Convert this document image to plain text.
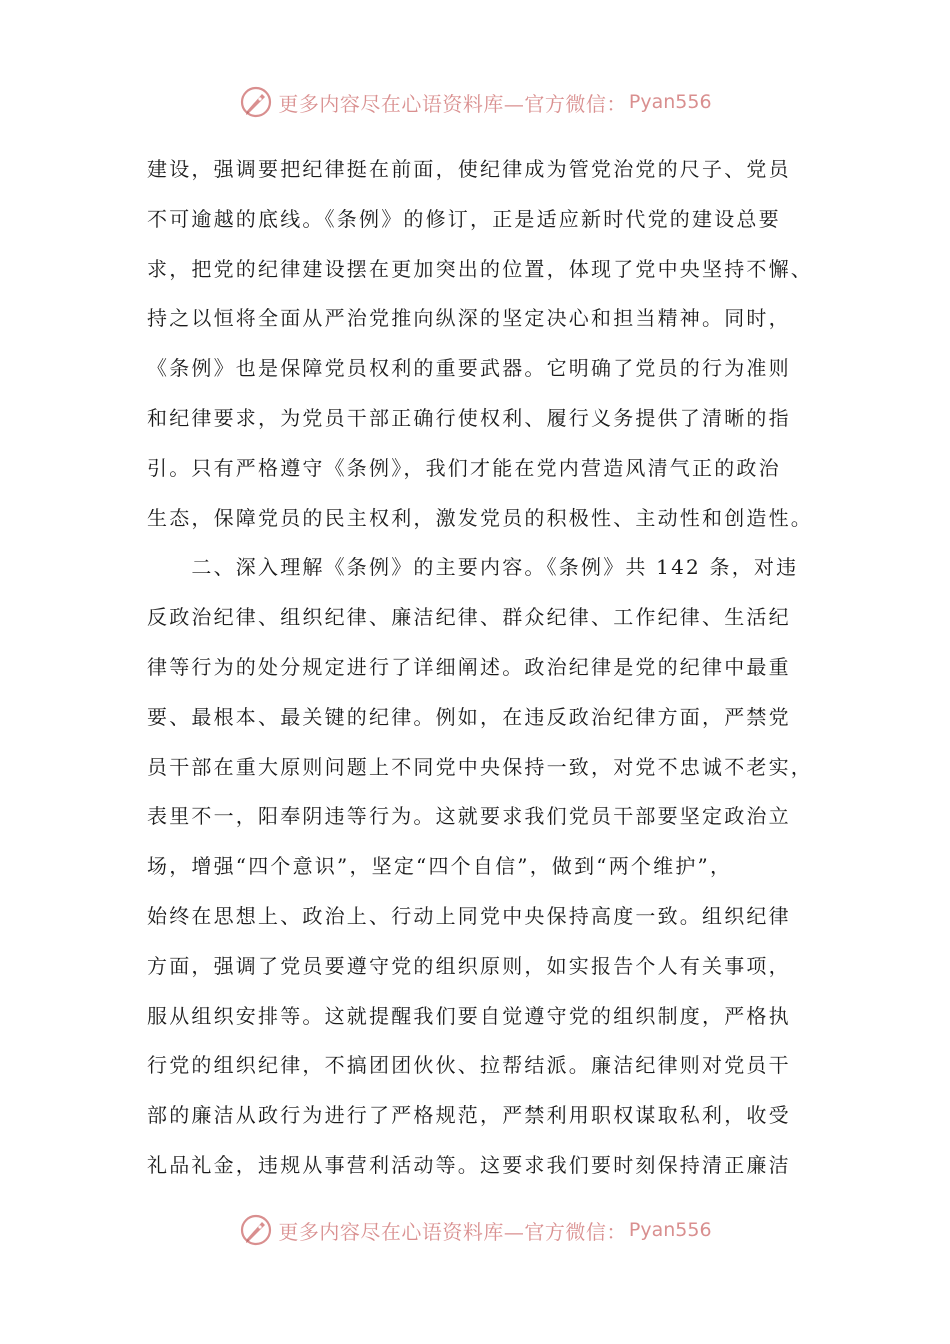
更多内容尽在心语资料库—官方微信： Pyan556
建设，强调要把纪律挺在前面，使纪律成为管党治党的尺子、党员
不可逾越的底线。《条例》的修订，正是适应新时代党的建设总要
求，把党的纪律建设摆在更加突出的位置，体现了党中央坚持不懈、
持之以恒将全面从严治党推向纵深的坚定决心和担当精神。同时，
《条例》也是保障党员权利的重要武器。它明确了党员的行为准则
和纪律要求，为党员干部正确行使权利、履行义务提供了清晰的指
引。只有严格遵守《条例》，我们才能在党内营造风清气正的政治
生态，保障党员的民主权利，激发党员的积极性、主动性和创造性。
　　二、深入理解《条例》的主要内容。《条例》共 142 条，对违
反政治纪律、组织纪律、廉洁纪律、群众纪律、工作纪律、生活纪
律等行为的处分规定进行了详细阐述。政治纪律是党的纪律中最重
要、最根本、最关键的纪律。例如，在违反政治纪律方面，严禁党
员干部在重大原则问题上不同党中央保持一致，对党不忠诚不老实，
表里不一，阳奉阴违等行为。这就要求我们党员干部要坚定政治立
场，增强“四个意识”，坚定“四个自信”，做到“两个维护”，
始终在思想上、政治上、行动上同党中央保持高度一致。组织纪律
方面，强调了党员要遵守党的组织原则，如实报告个人有关事项，
服从组织安排等。这就提醒我们要自觉遵守党的组织制度，严格执
行党的组织纪律，不搞团团伙伙、拉帮结派。廉洁纪律则对党员干
部的廉洁从政行为进行了严格规范，严禁利用职权谋取私利，收受
礼品礼金，违规从事营利活动等。这要求我们要时刻保持清正廉洁
更多内容尽在心语资料库—官方微信： Pyan556
